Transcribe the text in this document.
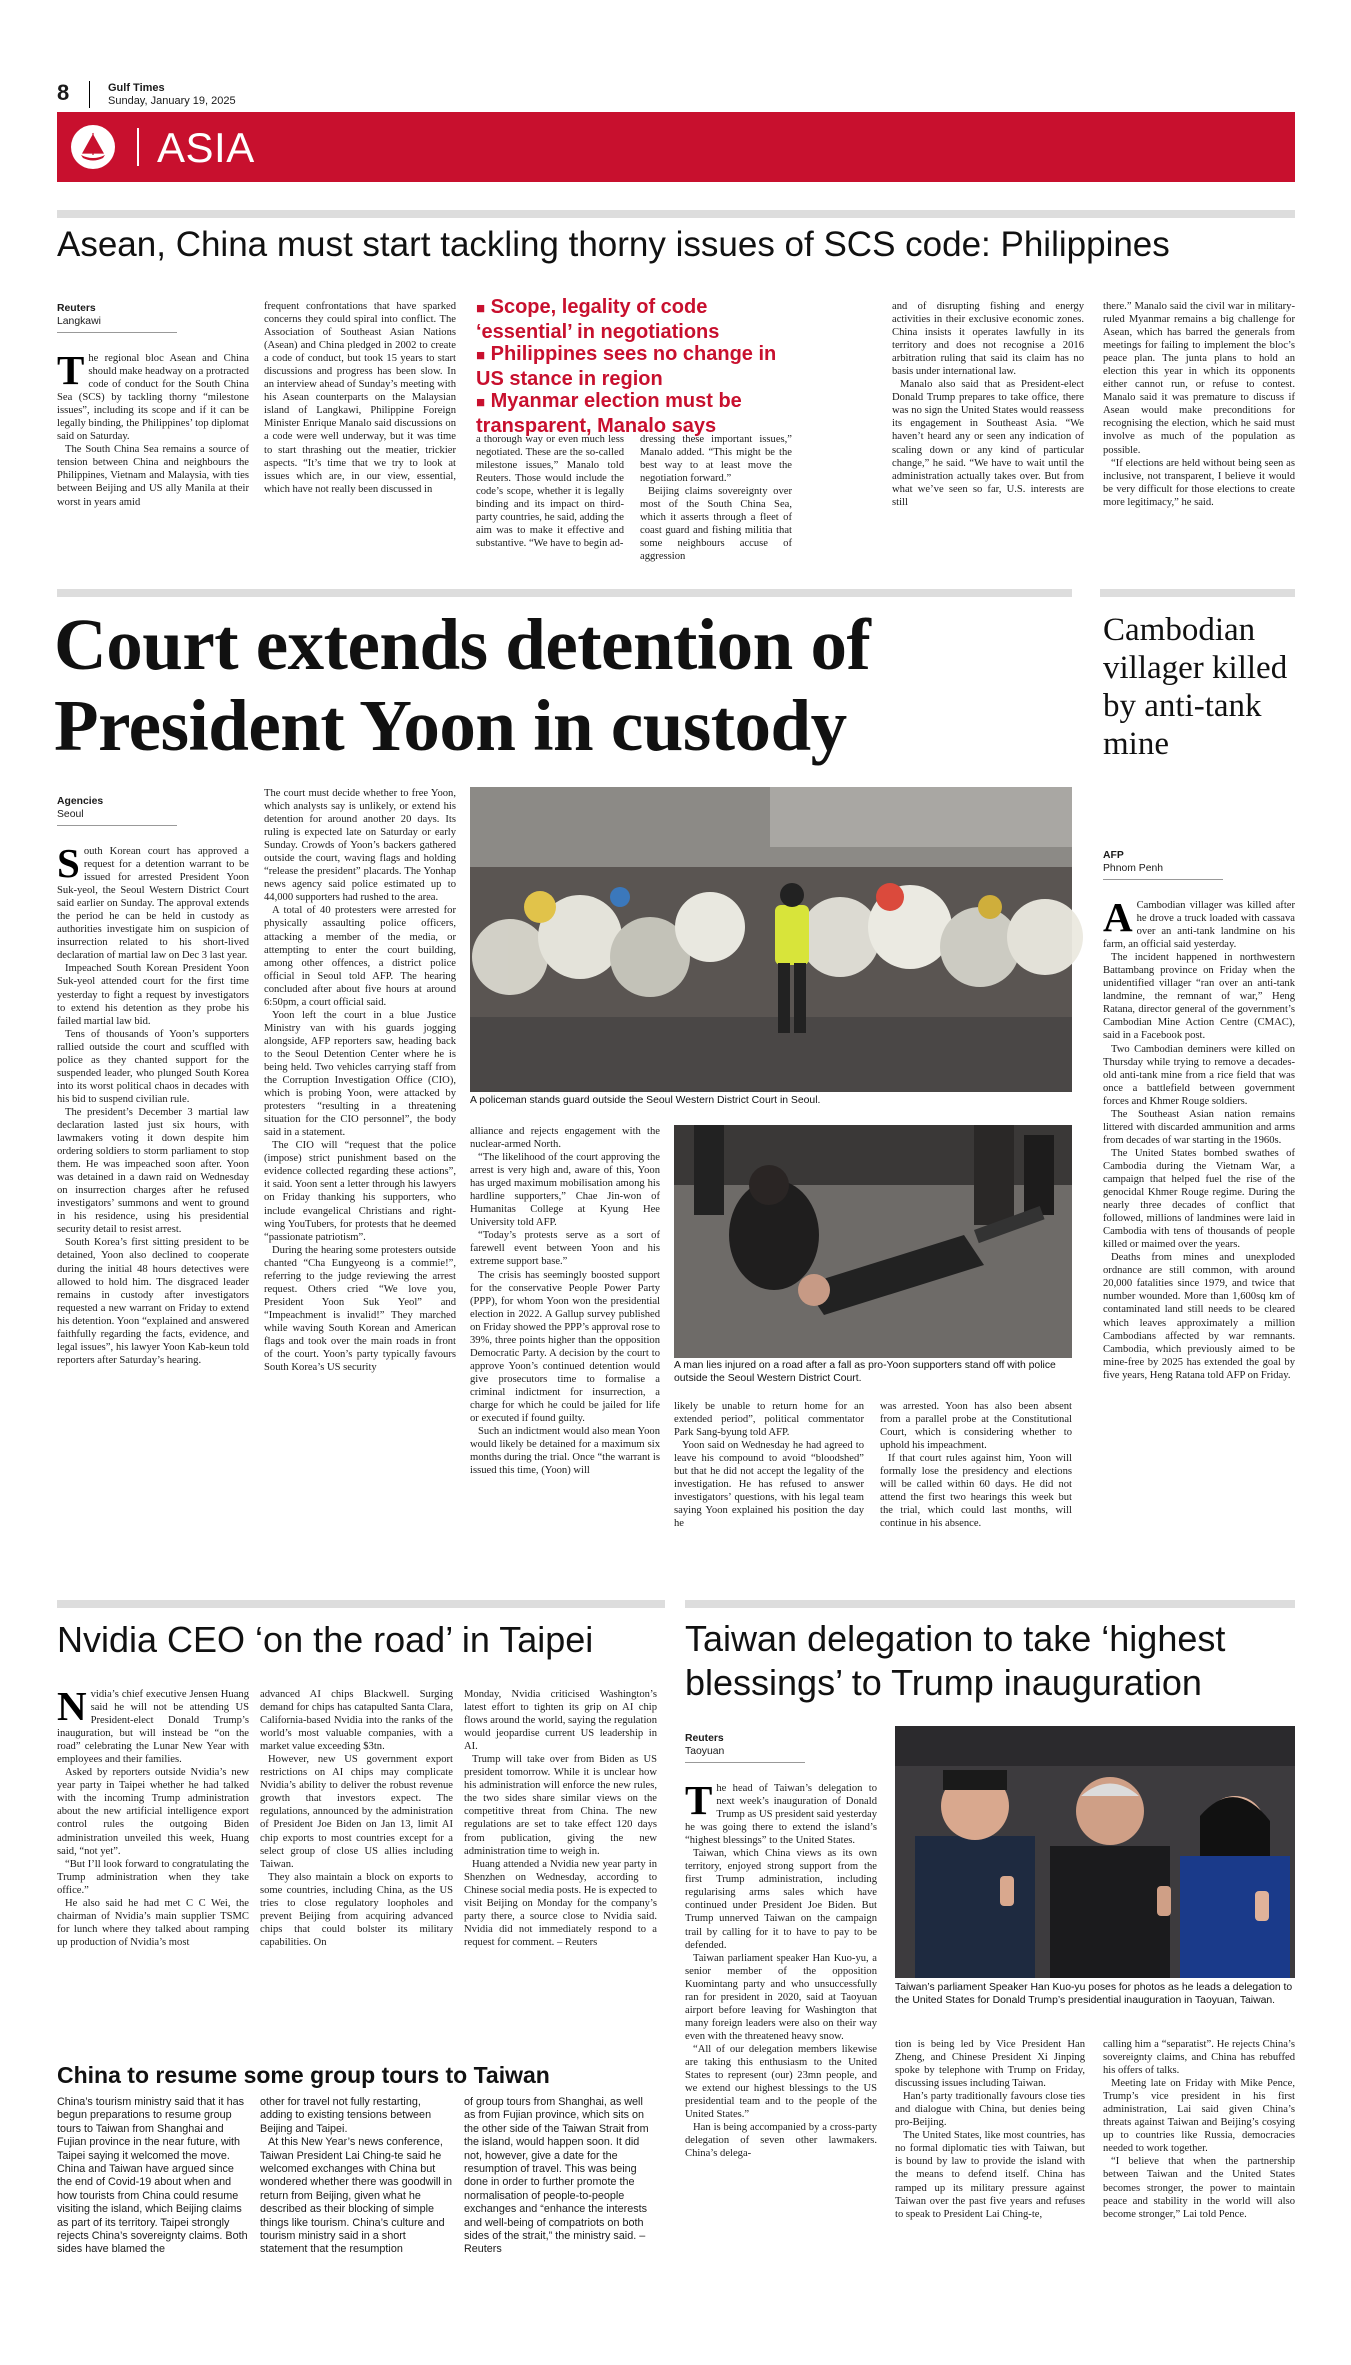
8	Gulf Times
Sunday, January 19, 2025
ASIA
Asean, China must start tackling thorny issues of SCS code: Philippines
Reuters
Langkawi

The regional bloc Asean and China should make headway on a protracted code of conduct for the South China Sea (SCS) by tackling thorny “milestone issues”, including its scope and if it can be legally binding, the Philippines’ top diplomat said on Saturday.

The South China Sea remains a source of tension between China and neighbours the Philippines, Vietnam and Malaysia, with ties between Beijing and US ally Manila at their worst in years amid

frequent confrontations that have sparked concerns they could spiral into conflict. The Association of Southeast Asian Nations (Asean) and China pledged in 2002 to create a code of conduct, but took 15 years to start discussions and progress has been slow. In an interview ahead of Sunday’s meeting with his Asean counterparts on the Malaysian island of Langkawi, Philippine Foreign Minister Enrique Manalo said discussions on a code were well underway, but it was time to start thrashing out the meatier, trickier aspects. “It’s time that we try to look at issues which are, in our view, essential, which have not really been discussed in

■ Scope, legality of code ‘essential’ in negotiations
■ Philippines sees no change in US stance in region
■ Myanmar election must be transparent, Manalo says

a thorough way or even much less negotiated. These are the so-called milestone issues,” Manalo told Reuters. Those would include the code’s scope, whether it is legally binding and its impact on third-party countries, he said, adding the aim was to make it effective and substantive. “We have to begin ad-

dressing these important issues,” Manalo added. “This might be the best way to at least move the negotiation forward.”

Beijing claims sovereignty over most of the South China Sea, which it asserts through a fleet of coast guard and fishing militia that some neighbours accuse of aggression

and of disrupting fishing and energy activities in their exclusive economic zones. China insists it operates lawfully in its territory and does not recognise a 2016 arbitration ruling that said its claim has no basis under international law.

Manalo also said that as President-elect Donald Trump prepares to take office, there was no sign the United States would reassess its engagement in Southeast Asia. “We haven’t heard any or seen any indication of scaling down or any kind of particular change,” he said. “We have to wait until the administration actually takes over. But from what we’ve seen so far, U.S. interests are still

there.” Manalo said the civil war in military-ruled Myanmar remains a big challenge for Asean, which has barred the generals from meetings for failing to implement the bloc’s peace plan. The junta plans to hold an election this year in which its opponents either cannot run, or refuse to contest. Manalo said it was premature to discuss if Asean would make preconditions for recognising the election, which he said must involve as much of the population as possible.

“If elections are held without being seen as inclusive, not transparent, I believe it would be very difficult for those elections to create more legitimacy,” he said.

Court extends detention of President Yoon in custody
Agencies
Seoul

South Korean court has approved a request for a detention warrant to be issued for arrested President Yoon Suk-yeol, the Seoul Western District Court said earlier on Sunday. The approval extends the period he can be held in custody as authorities investigate him on suspicion of insurrection related to his short-lived declaration of martial law on Dec 3 last year.

Impeached South Korean President Yoon Suk-yeol attended court for the first time yesterday to fight a request by investigators to extend his detention as they probe his failed martial law bid.

Tens of thousands of Yoon’s supporters rallied outside the court and scuffled with police as they chanted support for the suspended leader, who plunged South Korea into its worst political chaos in decades with his bid to suspend civilian rule.

The president’s December 3 martial law declaration lasted just six hours, with lawmakers voting it down despite him ordering soldiers to storm parliament to stop them. He was impeached soon after. Yoon was detained in a dawn raid on Wednesday on insurrection charges after he refused investigators’ summons and went to ground in his residence, using his presidential security detail to resist arrest.

South Korea’s first sitting president to be detained, Yoon also declined to cooperate during the initial 48 hours detectives were allowed to hold him. The disgraced leader remains in custody after investigators requested a new warrant on Friday to extend his detention. Yoon “explained and answered faithfully regarding the facts, evidence, and legal issues”, his lawyer Yoon Kab-keun told reporters after Saturday’s hearing.

The court must decide whether to free Yoon, which analysts say is unlikely, or extend his detention for around another 20 days. Its ruling is expected late on Saturday or early Sunday. Crowds of Yoon’s backers gathered outside the court, waving flags and holding “release the president” placards. The Yonhap news agency said police estimated up to 44,000 supporters had rushed to the area.

A total of 40 protesters were arrested for physically assaulting police officers, attacking a member of the media, or attempting to enter the court building, among other offences, a district police official in Seoul told AFP. The hearing concluded after about five hours at around 6:50pm, a court official said.

Yoon left the court in a blue Justice Ministry van with his guards jogging alongside, AFP reporters saw, heading back to the Seoul Detention Center where he is being held. Two vehicles carrying staff from the Corruption Investigation Office (CIO), which is probing Yoon, were attacked by protesters “resulting in a threatening situation for the CIO personnel”, the body said in a statement.

The CIO will “request that the police (impose) strict punishment based on the evidence collected regarding these actions”, it said. Yoon sent a letter through his lawyers on Friday thanking his supporters, who include evangelical Christians and right-wing YouTubers, for protests that he deemed “passionate patriotism”.

During the hearing some protesters outside chanted “Cha Eungyeong is a commie!”, referring to the judge reviewing the arrest request. Others cried “We love you, President Yoon Suk Yeol” and “Impeachment is invalid!” They marched while waving South Korean and American flags and took over the main roads in front of the court. Yoon’s party typically favours South Korea’s US security

A policeman stands guard outside the Seoul Western District Court in Seoul.

alliance and rejects engagement with the nuclear-armed North.

“The likelihood of the court approving the arrest is very high and, aware of this, Yoon has urged maximum mobilisation among his hardline supporters,” Chae Jin-won of Humanitas College at Kyung Hee University told AFP.

“Today’s protests serve as a sort of farewell event between Yoon and his extreme support base.”

The crisis has seemingly boosted support for the conservative People Power Party (PPP), for whom Yoon won the presidential election in 2022. A Gallup survey published on Friday showed the PPP’s approval rose to 39%, three points higher than the opposition Democratic Party. A decision by the court to approve Yoon’s continued detention would give prosecutors time to formalise a criminal indictment for insurrection, a charge for which he could be jailed for life or executed if found guilty.

Such an indictment would also mean Yoon would likely be detained for a maximum six months during the trial. Once “the warrant is issued this time, (Yoon) will

A man lies injured on a road after a fall as pro-Yoon supporters stand off with police outside the Seoul Western District Court.

likely be unable to return home for an extended period”, political commentator Park Sang-byung told AFP.

Yoon said on Wednesday he had agreed to leave his compound to avoid “bloodshed” but that he did not accept the legality of the investigation. He has refused to answer investigators’ questions, with his legal team saying Yoon explained his position the day he

was arrested. Yoon has also been absent from a parallel probe at the Constitutional Court, which is considering whether to uphold his impeachment.

If that court rules against him, Yoon will formally lose the presidency and elections will be called within 60 days. He did not attend the first two hearings this week but the trial, which could last months, will continue in his absence.

Cambodian villager killed by anti-tank mine
AFP
Phnom Penh

ACambodian villager was killed after he drove a truck loaded with cassava over an anti-tank landmine on his farm, an official said yesterday.

The incident happened in northwestern Battambang province on Friday when the unidentified villager “ran over an anti-tank landmine, the remnant of war,” Heng Ratana, director general of the government’s Cambodian Mine Action Centre (CMAC), said in a Facebook post.

Two Cambodian deminers were killed on Thursday while trying to remove a decades-old anti-tank mine from a rice field that was once a battlefield between government forces and Khmer Rouge soldiers.

The Southeast Asian nation remains littered with discarded ammunition and arms from decades of war starting in the 1960s.

The United States bombed swathes of Cambodia during the Vietnam War, a campaign that helped fuel the rise of the genocidal Khmer Rouge regime. During the nearly three decades of conflict that followed, millions of landmines were laid in Cambodia with tens of thousands of people killed or maimed over the years.

Deaths from mines and unexploded ordnance are still common, with around 20,000 fatalities since 1979, and twice that number wounded. More than 1,600sq km of contaminated land still needs to be cleared which leaves approximately a million Cambodians affected by war remnants. Cambodia, which previously aimed to be mine-free by 2025 has extended the goal by five years, Heng Ratana told AFP on Friday.

Nvidia CEO ‘on the road’ in Taipei

Nvidia’s chief executive Jensen Huang said he will not be attending US President-elect Donald Trump’s inauguration, but will instead be “on the road” celebrating the Lunar New Year with employees and their families.

Asked by reporters outside Nvidia’s new year party in Taipei whether he had talked with the incoming Trump administration about the new artificial intelligence export control rules the outgoing Biden administration unveiled this week, Huang said, “not yet”.

“But I’ll look forward to congratulating the Trump administration when they take office.”

He also said he had met C C Wei, the chairman of Nvidia’s main supplier TSMC for lunch where they talked about ramping up production of Nvidia’s most

advanced AI chips Blackwell. Surging demand for chips has catapulted Santa Clara, California-based Nvidia into the ranks of the world’s most valuable companies, with a market value exceeding $3tn.

However, new US government export restrictions on AI chips may complicate Nvidia’s ability to deliver the robust revenue growth that investors expect. The regulations, announced by the administration of President Joe Biden on Jan 13, limit AI chip exports to most countries except for a select group of close US allies including Taiwan.

They also maintain a block on exports to some countries, including China, as the US tries to close regulatory loopholes and prevent Beijing from acquiring advanced chips that could bolster its military capabilities. On

Monday, Nvidia criticised Washington’s latest effort to tighten its grip on AI chip flows around the world, saying the regulation would jeopardise current US leadership in AI.

Trump will take over from Biden as US president tomorrow. While it is unclear how his administration will enforce the new rules, the two sides share similar views on the competitive threat from China. The new regulations are set to take effect 120 days from publication, giving the new administration time to weigh in.

Huang attended a Nvidia new year party in Shenzhen on Wednesday, according to Chinese social media posts. He is expected to visit Beijing on Monday for the company’s party there, a source close to Nvidia said. Nvidia did not immediately respond to a request for comment. – Reuters

China to resume some group tours to Taiwan

China’s tourism ministry said that it has begun preparations to resume group tours to Taiwan from Shanghai and Fujian province in the near future, with Taipei saying it welcomed the move. China and Taiwan have argued since the end of Covid-19 about when and how tourists from China could resume visiting the island, which Beijing claims as part of its territory. Taipei strongly rejects China’s sovereignty claims. Both sides have blamed the

other for travel not fully restarting, adding to existing tensions between Beijing and Taipei.

At this New Year’s news conference, Taiwan President Lai Ching-te said he welcomed exchanges with China but wondered whether there was goodwill in return from Beijing, given what he described as their blocking of simple things like tourism. China’s culture and tourism ministry said in a short statement that the resumption

of group tours from Shanghai, as well as from Fujian province, which sits on the other side of the Taiwan Strait from the island, would happen soon. It did not, however, give a date for the resumption of travel. This was being done in order to further promote the normalisation of people-to-people exchanges and “enhance the interests and well-being of compatriots on both sides of the strait,” the ministry said. – Reuters

Taiwan delegation to take ‘highest blessings’ to Trump inauguration
Reuters
Taoyuan

The head of Taiwan’s delegation to next week’s inauguration of Donald Trump as US president said yesterday he was going there to extend the island’s “highest blessings” to the United States.

Taiwan, which China views as its own territory, enjoyed strong support from the first Trump administration, including regularising arms sales which have continued under President Joe Biden. But Trump unnerved Taiwan on the campaign trail by calling for it to have to pay to be defended.

Taiwan parliament speaker Han Kuo-yu, a senior member of the opposition Kuomintang party and who unsuccessfully ran for president in 2020, said at Taoyuan airport before leaving for Washington that many foreign leaders were also on their way even with the threatened heavy snow.

“All of our delegation members likewise are taking this enthusiasm to the United States to represent (our) 23mn people, and we extend our highest blessings to the US presidential team and to the people of the United States.”

Han is being accompanied by a cross-party delegation of seven other lawmakers. China’s delega-

Taiwan’s parliament Speaker Han Kuo-yu poses for photos as he leads a delegation to the United States for Donald Trump’s presidential inauguration in Taoyuan, Taiwan.

tion is being led by Vice President Han Zheng, and Chinese President Xi Jinping spoke by telephone with Trump on Friday, discussing issues including Taiwan.

Han’s party traditionally favours close ties and dialogue with China, but denies being pro-Beijing.

The United States, like most countries, has no formal diplomatic ties with Taiwan, but is bound by law to provide the island with the means to defend itself. China has ramped up its military pressure against Taiwan over the past five years and refuses to speak to President Lai Ching-te,

calling him a “separatist”. He rejects China’s sovereignty claims, and China has rebuffed his offers of talks.

Meeting late on Friday with Mike Pence, Trump’s vice president in his first administration, Lai said given China’s threats against Taiwan and Beijing’s cosying up to countries like Russia, democracies needed to work together.

“I believe that when the partnership between Taiwan and the United States becomes stronger, the power to maintain peace and stability in the world will also become stronger,” Lai told Pence.
